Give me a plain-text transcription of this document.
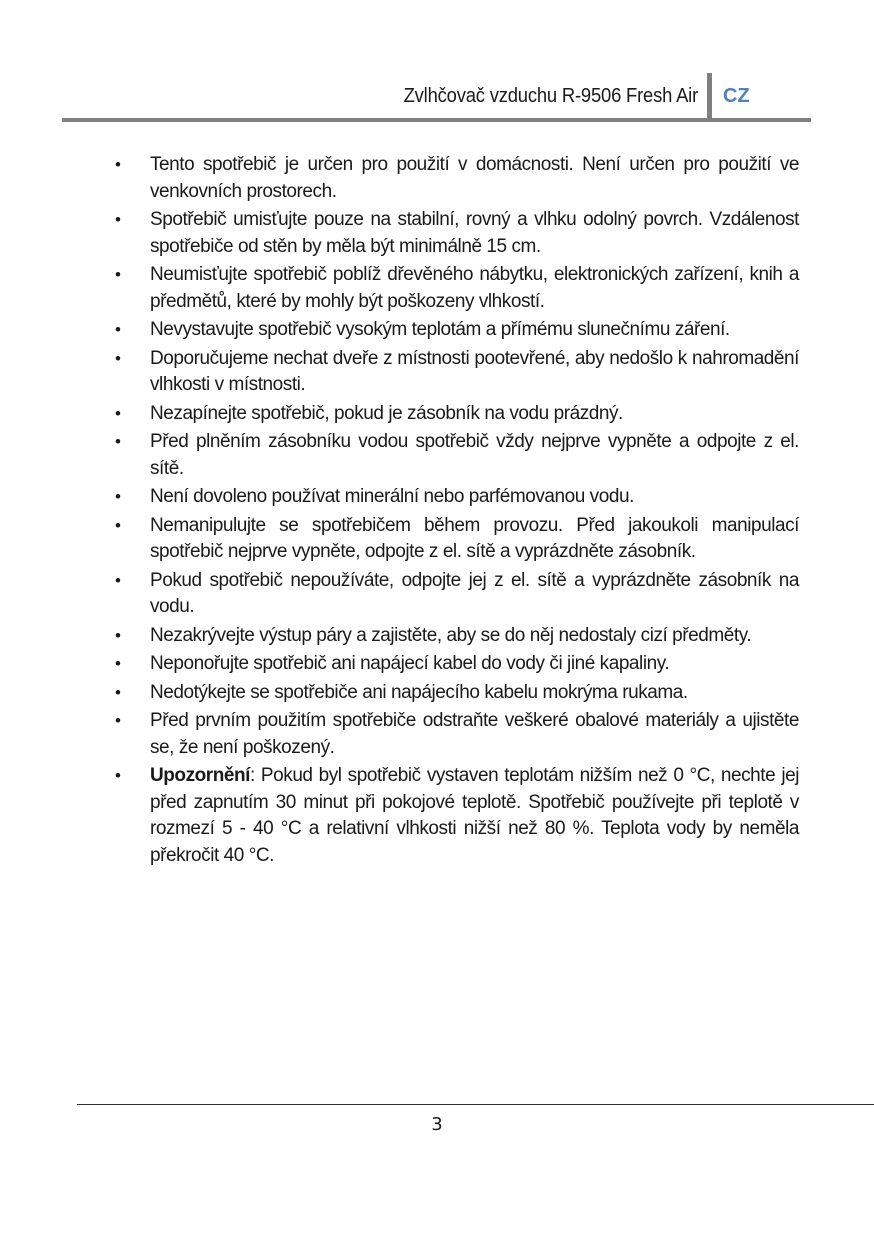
Zvlhčovač vzduchu R-9506 Fresh Air CZ
• Tento spotřebič je určen pro použití v domácnosti. Není určen pro použití ve venkovních prostorech.
• Spotřebič umisťujte pouze na stabilní, rovný a vlhku odolný povrch. Vzdálenost spotřebiče od stěn by měla být minimálně 15 cm.
• Neumisťujte spotřebič poblíž dřevěného nábytku, elektronických zařízení, knih a předmětů, které by mohly být poškozeny vlhkostí.
• Nevystavujte spotřebič vysokým teplotám a přímému slunečnímu záření.
• Doporučujeme nechat dveře z místnosti pootevřené, aby nedošlo k nahromadění vlhkosti v místnosti.
• Nezapínejte spotřebič, pokud je zásobník na vodu prázdný.
• Před plněním zásobníku vodou spotřebič vždy nejprve vypněte a odpojte z el. sítě.
• Není dovoleno používat minerální nebo parfémovanou vodu.
• Nemanipulujte se spotřebičem během provozu. Před jakoukoli manipulací spotřebič nejprve vypněte, odpojte z el. sítě a vyprázdněte zásobník.
• Pokud spotřebič nepoužíváte, odpojte jej z el. sítě a vyprázdněte zásobník na vodu.
• Nezakrývejte výstup páry a zajistěte, aby se do něj nedostaly cizí předměty.
• Neponořujte spotřebič ani napájecí kabel do vody či jiné kapaliny.
• Nedotýkejte se spotřebiče ani napájecího kabelu mokrýma rukama.
• Před prvním použitím spotřebiče odstraňte veškeré obalové materiály a ujistěte se, že není poškozený.
• Upozornění: Pokud byl spotřebič vystaven teplotám nižším než 0 °C, nechte jej před zapnutím 30 minut při pokojové teplotě. Spotřebič používejte při teplotě v rozmezí 5 - 40 °C a relativní vlhkosti nižší než 80 %. Teplota vody by neměla překročit 40 °C.
3
